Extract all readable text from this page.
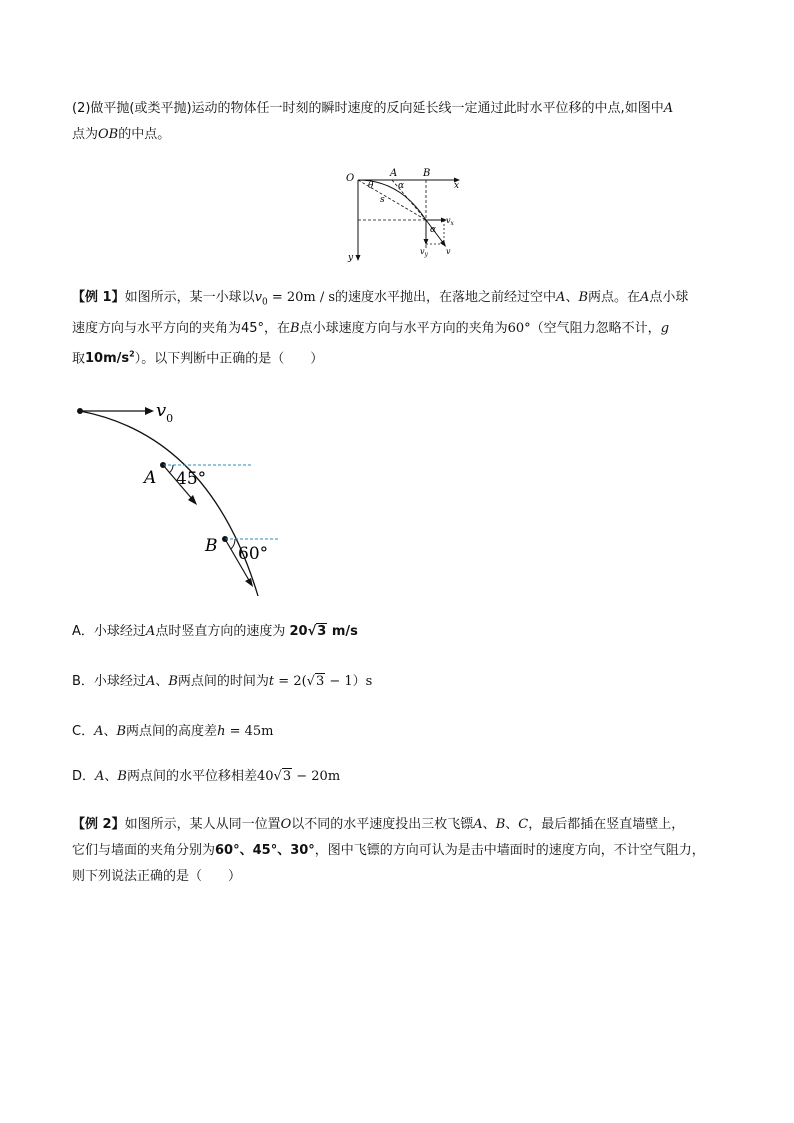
(2)做平抛(或类平抛)运动的物体任一时刻的瞬时速度的反向延长线一定通过此时水平位移的中点,如图中A
点为OB的中点。
O	A	B
x
y
θ	α
s
α
$v_x$
$v_y$ v
【例 1】如图所示，某一小球以$v_0 = 20m / s$的速度水平抛出，在落地之前经过空中A、B两点。在A点小球
速度方向与水平方向的夹角为45°，在B点小球速度方向与水平方向的夹角为60°（空气阻力忽略不计，g
取$10m/s^2$）。以下判断中正确的是（　　）
$v_0$
A 45°
B 60°
A．小球经过A点时竖直方向的速度为 20√3 m/s
B．小球经过A、B两点间的时间为t = 2(√3 − 1）s
C．A、B两点间的高度差h = 45m
D．A、B两点间的水平位移相差40√3 − 20m
【例 2】如图所示，某人从同一位置O以不同的水平速度投出三枚飞镖A、B、C，最后都插在竖直墙壁上，
它们与墙面的夹角分别为60°、45°、30°，图中飞镖的方向可认为是击中墙面时的速度方向，不计空气阻力，
则下列说法正确的是（　　）
